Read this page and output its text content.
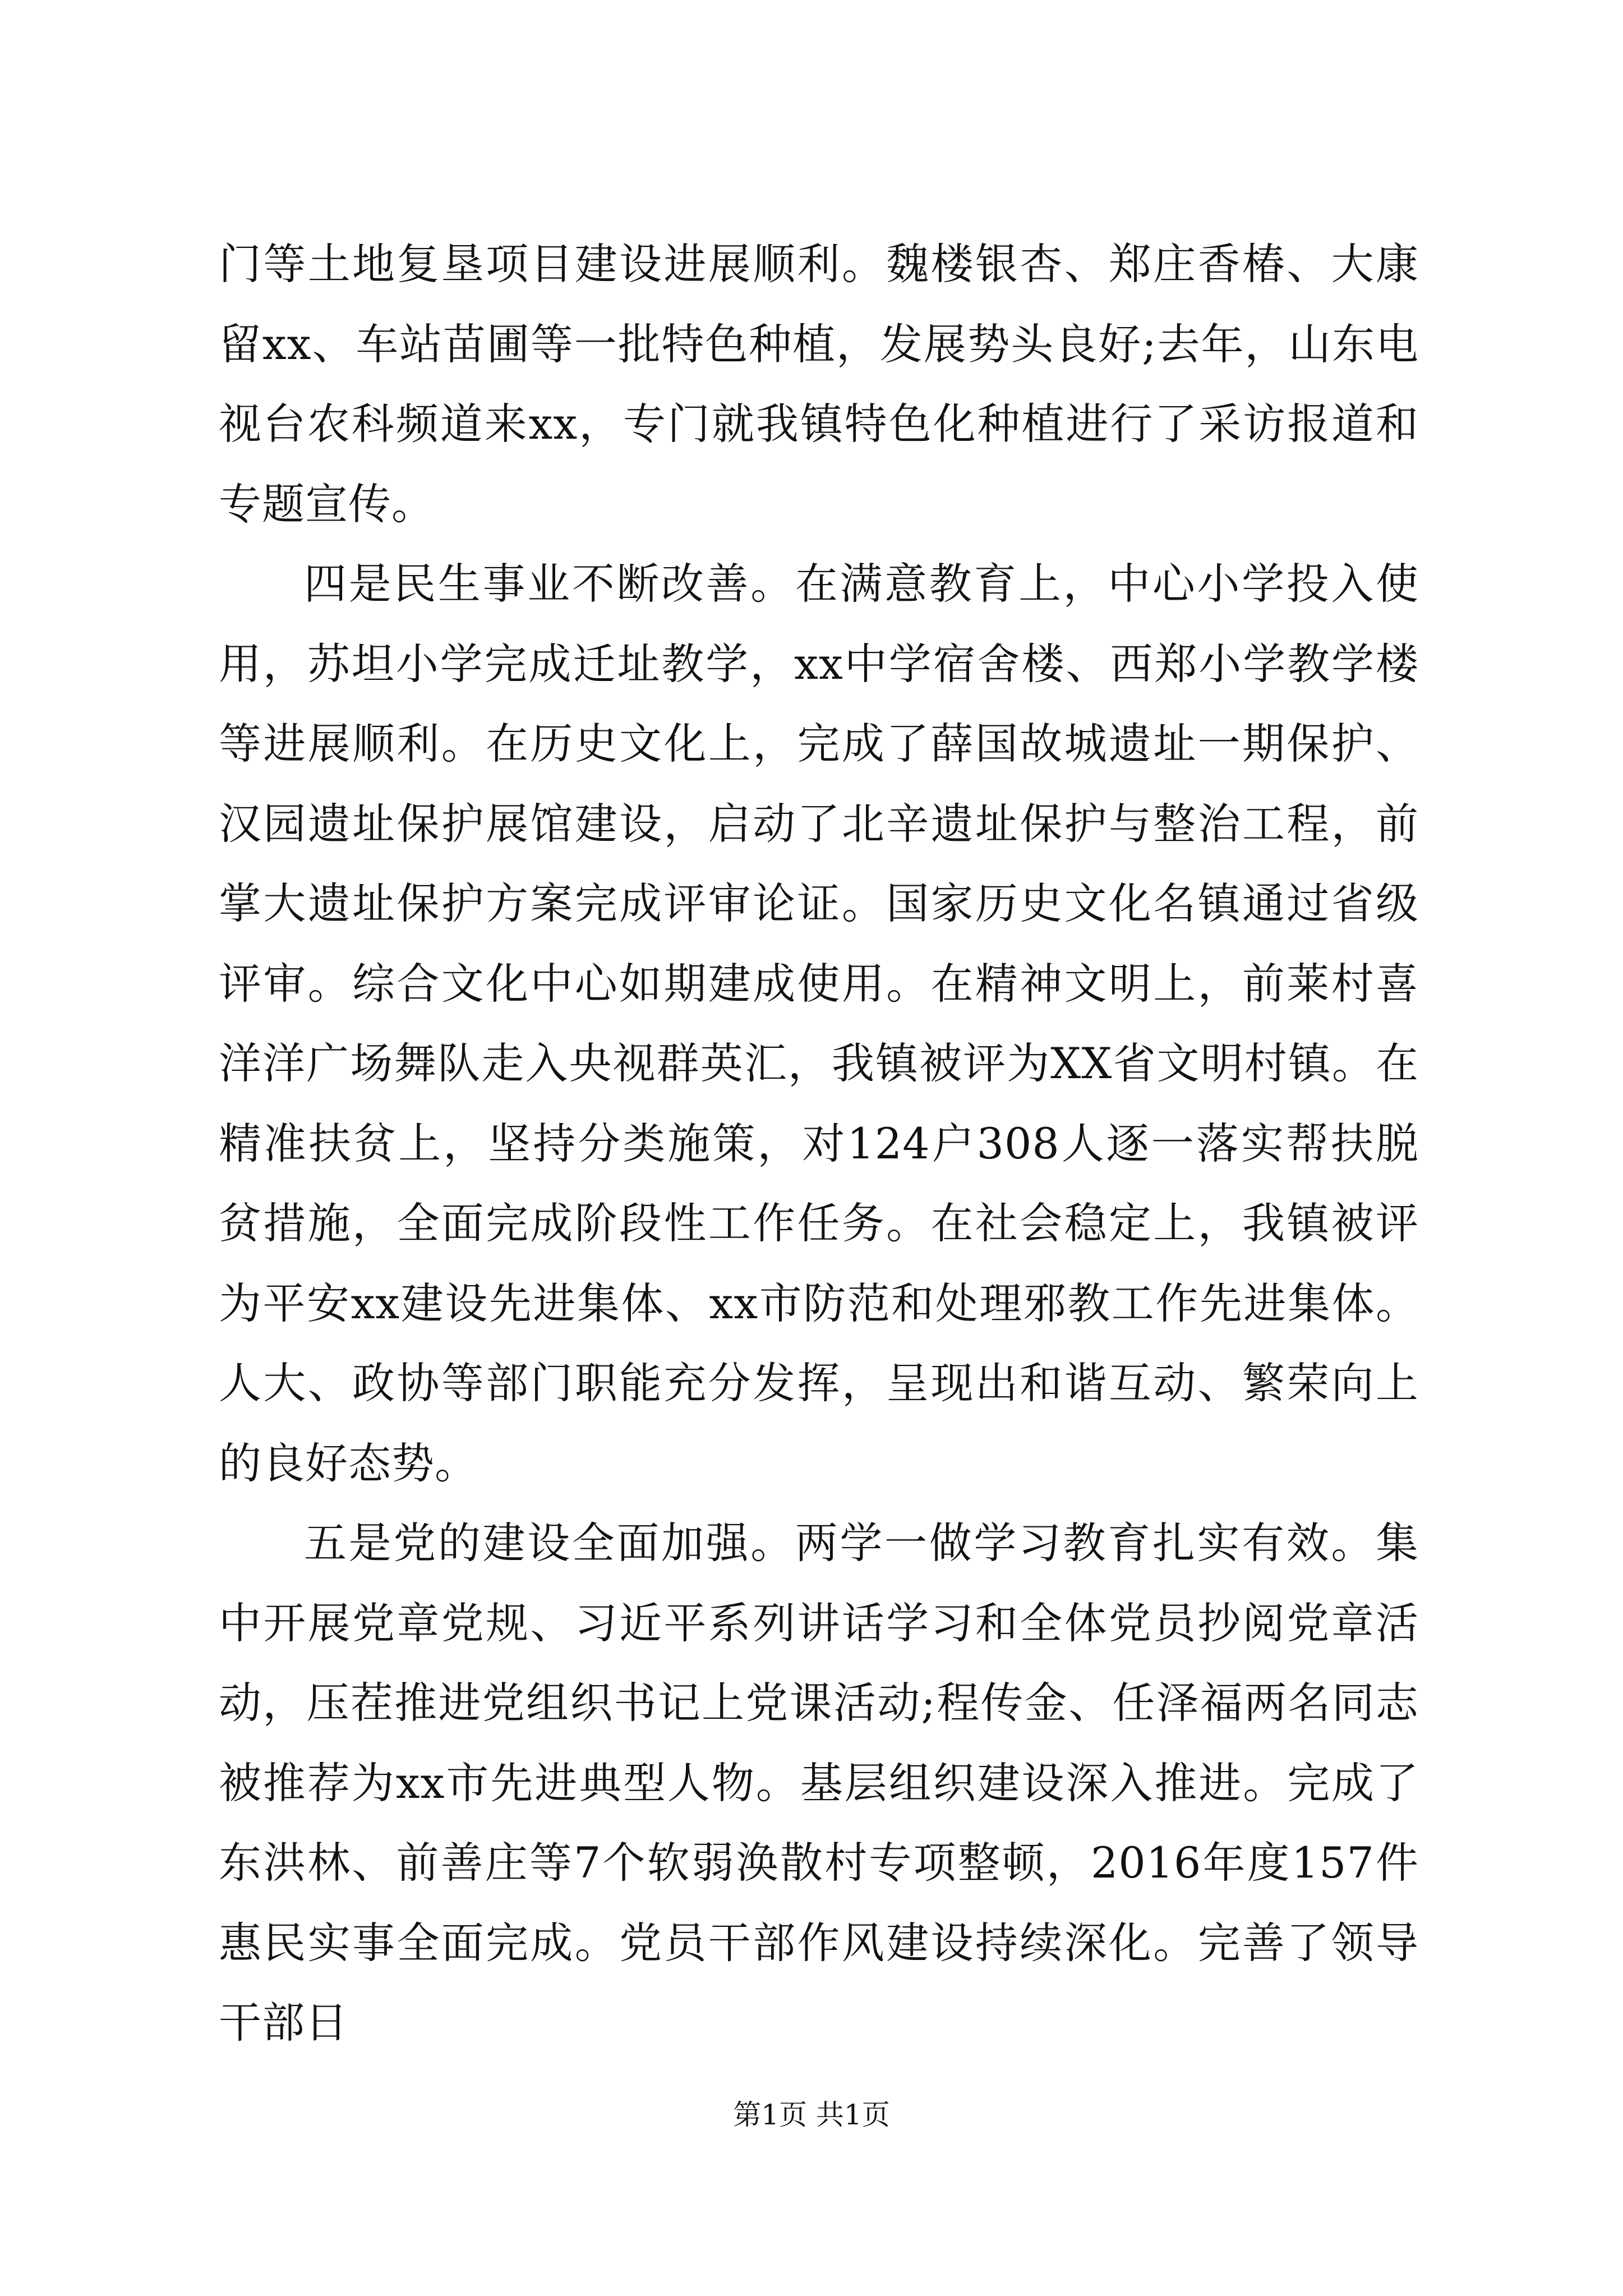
门等土地复垦项目建设进展顺利。魏楼银杏、郑庄香椿、大康留xx、车站苗圃等一批特色种植，发展势头良好;去年，山东电视台农科频道来xx，专门就我镇特色化种植进行了采访报道和专题宣传。

四是民生事业不断改善。在满意教育上，中心小学投入使用，苏坦小学完成迁址教学，xx中学宿舍楼、西郑小学教学楼等进展顺利。在历史文化上，完成了薛国故城遗址一期保护、汉园遗址保护展馆建设，启动了北辛遗址保护与整治工程，前掌大遗址保护方案完成评审论证。国家历史文化名镇通过省级评审。综合文化中心如期建成使用。在精神文明上，前莱村喜洋洋广场舞队走入央视群英汇，我镇被评为XX省文明村镇。在精准扶贫上，坚持分类施策，对124户308人逐一落实帮扶脱贫措施，全面完成阶段性工作任务。在社会稳定上，我镇被评为平安xx建设先进集体、xx市防范和处理邪教工作先进集体。人大、政协等部门职能充分发挥，呈现出和谐互动、繁荣向上的良好态势。

五是党的建设全面加强。两学一做学习教育扎实有效。集中开展党章党规、习近平系列讲话学习和全体党员抄阅党章活动，压茬推进党组织书记上党课活动;程传金、任泽福两名同志被推荐为xx市先进典型人物。基层组织建设深入推进。完成了东洪林、前善庄等7个软弱涣散村专项整顿，2016年度157件惠民实事全面完成。党员干部作风建设持续深化。完善了领导干部日

第1页 共1页
